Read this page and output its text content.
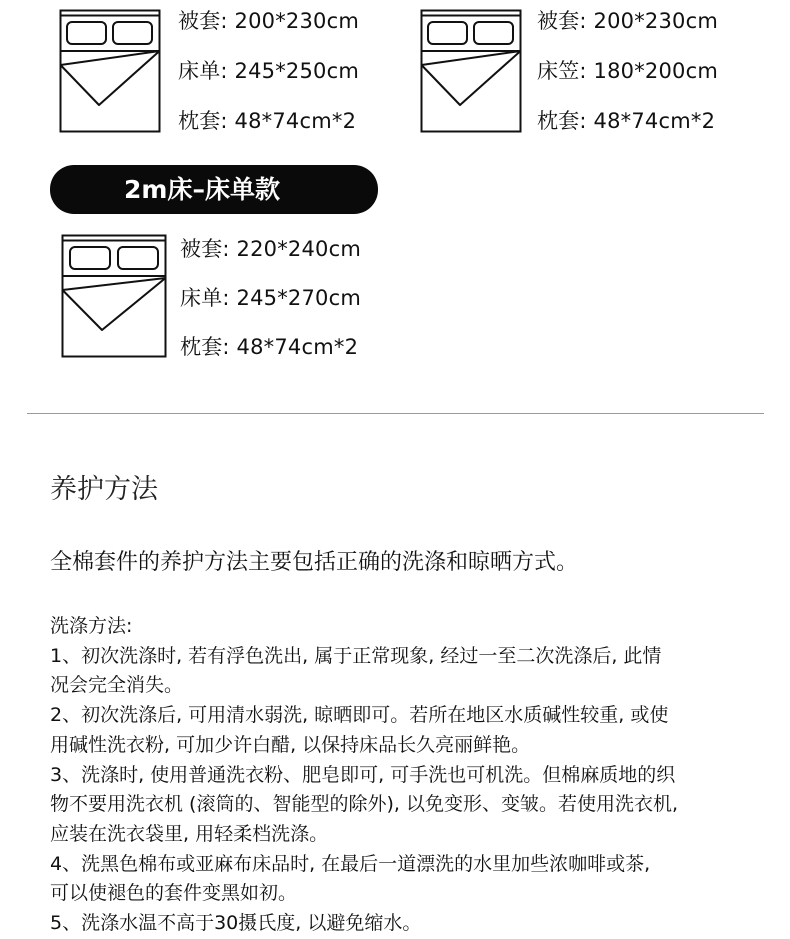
被套: 200*230cm
床单: 245*250cm
枕套: 48*74cm*2
被套: 200*230cm
床笠: 180*200cm
枕套: 48*74cm*2
2m床–床单款
被套: 220*240cm
床单: 245*270cm
枕套: 48*74cm*2
养护方法
全棉套件的养护方法主要包括正确的洗涤和晾晒方式。
洗涤方法:
1、初次洗涤时, 若有浮色洗出, 属于正常现象, 经过一至二次洗涤后, 此情
况会完全消失。
2、初次洗涤后, 可用清水弱洗, 晾晒即可。若所在地区水质碱性较重, 或使
用碱性洗衣粉, 可加少许白醋, 以保持床品长久亮丽鲜艳。
3、洗涤时, 使用普通洗衣粉、肥皂即可, 可手洗也可机洗。但棉麻质地的织
物不要用洗衣机 (滚筒的、智能型的除外), 以免变形、变皱。若使用洗衣机,
应装在洗衣袋里, 用轻柔档洗涤。
4、洗黑色棉布或亚麻布床品时, 在最后一道漂洗的水里加些浓咖啡或茶,
可以使褪色的套件变黑如初。
5、洗涤水温不高于30摄氏度, 以避免缩水。
